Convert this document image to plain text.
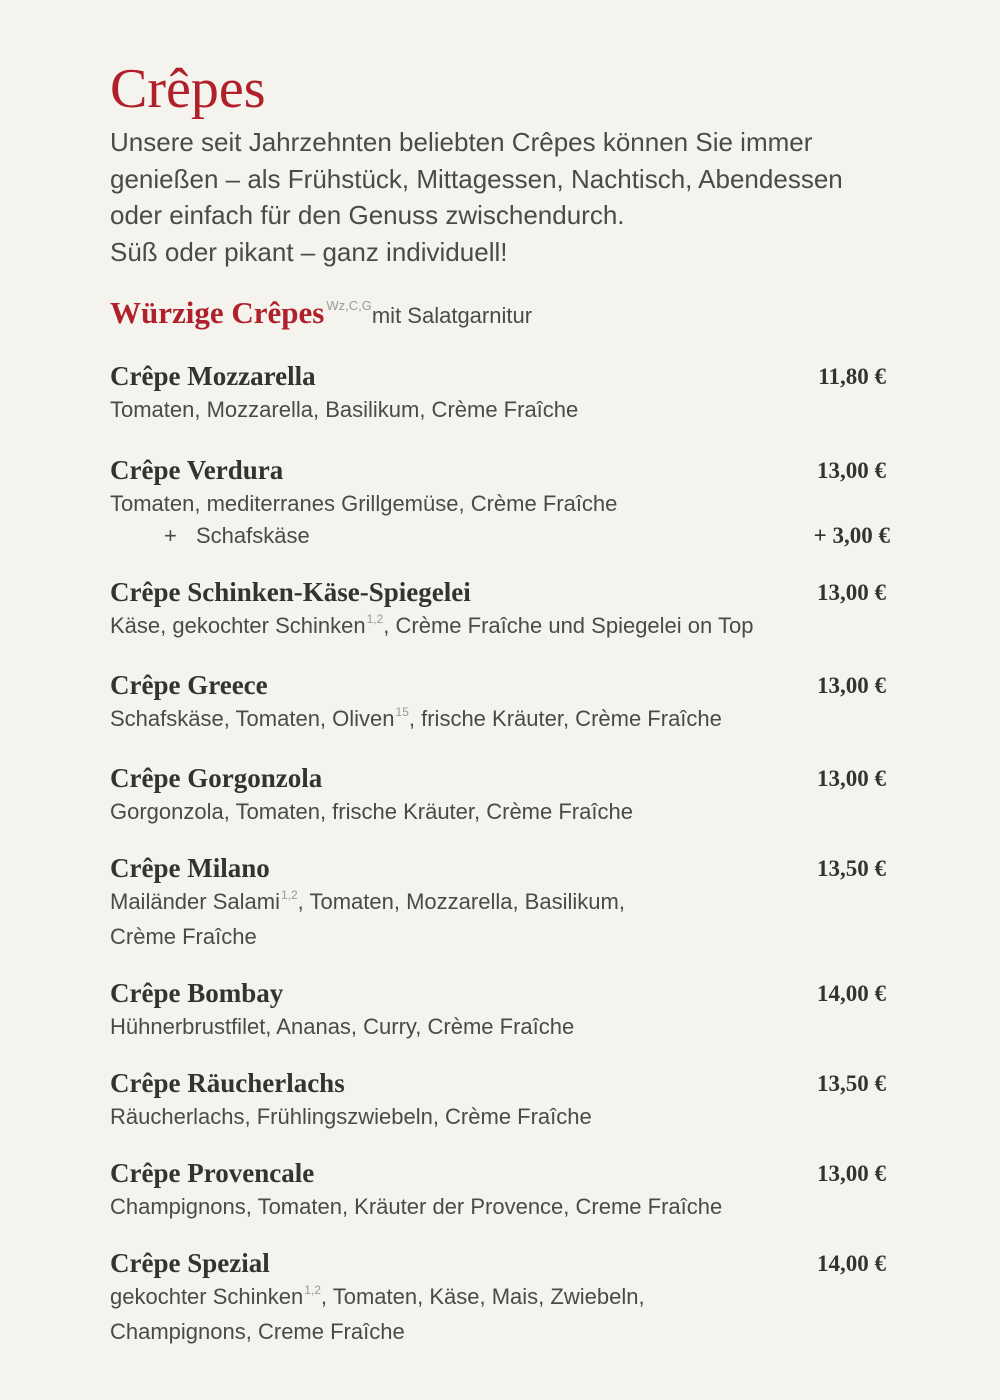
Crêpes
Unsere seit Jahrzehnten beliebten Crêpes können Sie immer
genießen – als Frühstück, Mittagessen, Nachtisch, Abendessen
oder einfach für den Genuss zwischendurch.
Süß oder pikant – ganz individuell!
Würzige Crêpes $^{Wz,C,G}$mit Salatgarnitur
Crêpe Mozzarella	11,80 €
Tomaten, Mozzarella, Basilikum, Crème Fraîche
Crêpe Verdura	13,00 €
Tomaten, mediterranes Grillgemüse, Crème Fraîche
+ Schafskäse	+ 3,00 €
Crêpe Schinken-Käse-Spiegelei	13,00 €
Käse, gekochter Schinken$^{1,2}$, Crème Fraîche und Spiegelei on Top
Crêpe Greece	13,00 €
Schafskäse, Tomaten, Oliven$^{15}$, frische Kräuter, Crème Fraîche
Crêpe Gorgonzola	13,00 €
Gorgonzola, Tomaten, frische Kräuter, Crème Fraîche
Crêpe Milano	13,50 €
Mailänder Salami$^{1,2}$, Tomaten, Mozzarella, Basilikum,
Crème Fraîche
Crêpe Bombay	14,00 €
Hühnerbrustfilet, Ananas, Curry, Crème Fraîche
Crêpe Räucherlachs	13,50 €
Räucherlachs, Frühlingszwiebeln, Crème Fraîche
Crêpe Provencale	13,00 €
Champignons, Tomaten, Kräuter der Provence, Creme Fraîche
Crêpe Spezial	14,00 €
gekochter Schinken$^{1,2}$, Tomaten, Käse, Mais, Zwiebeln,
Champignons, Creme Fraîche
